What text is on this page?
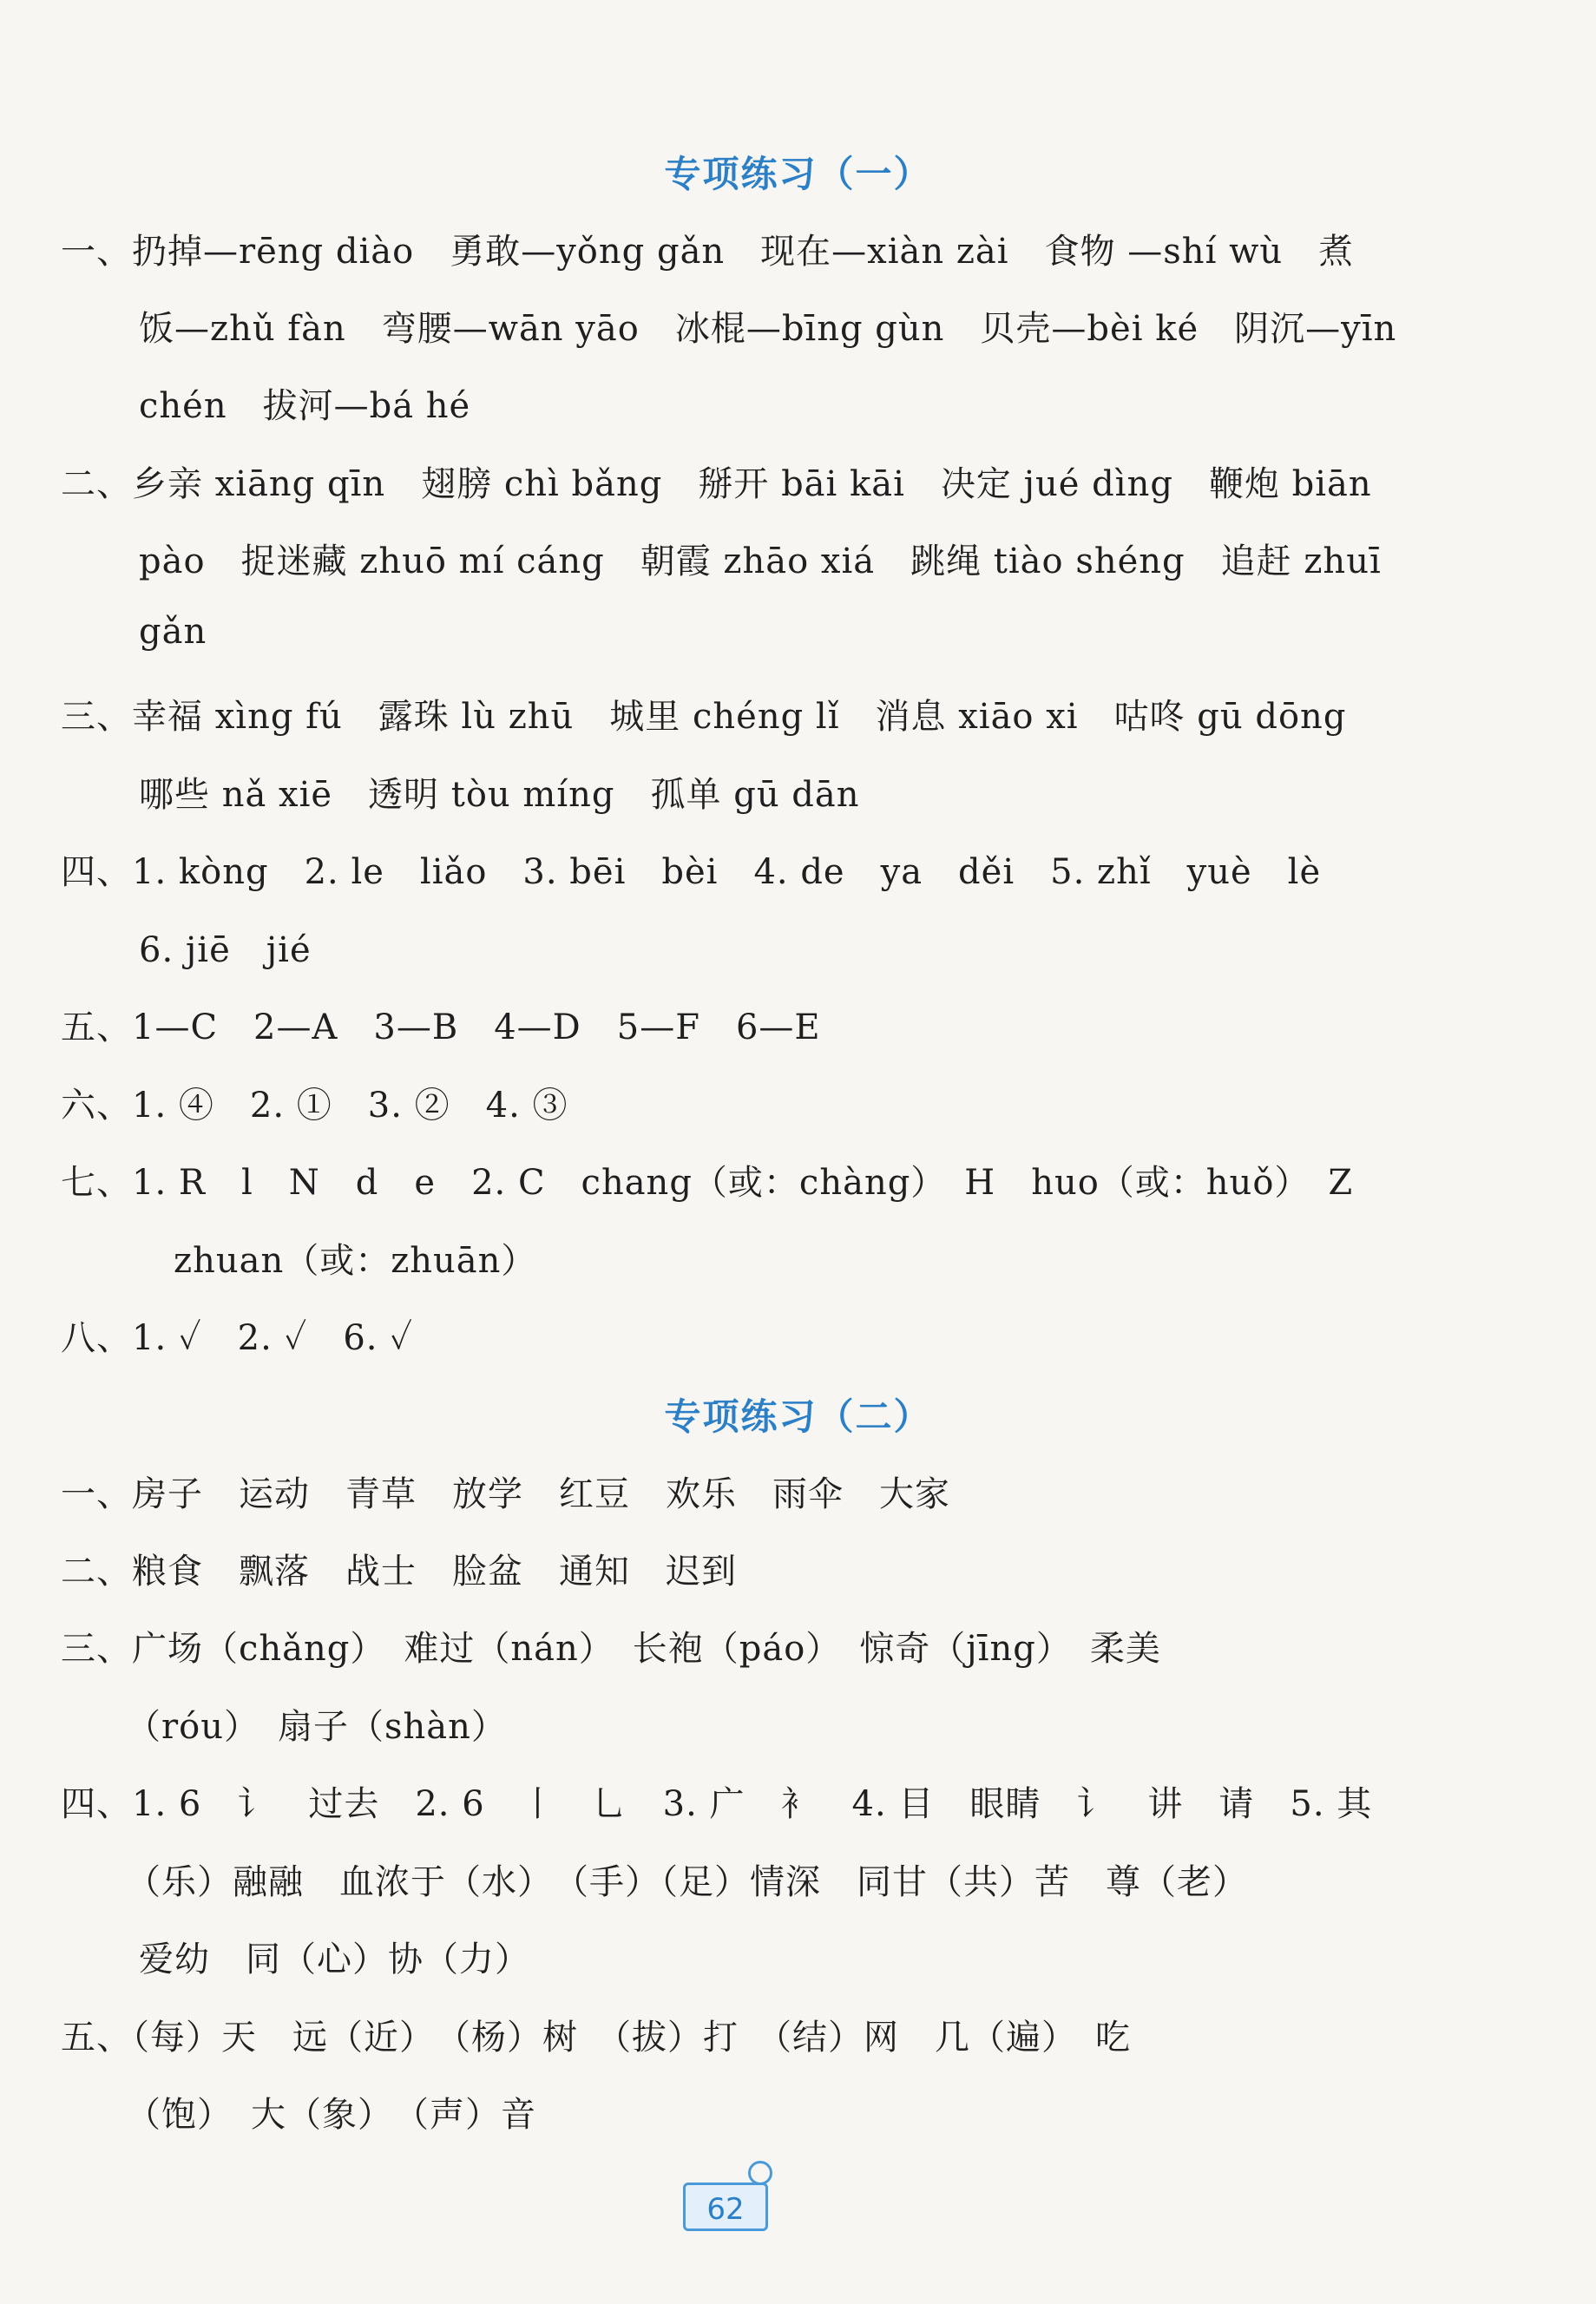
专项练习（一）
一、扔掉—rēng diào　勇敢—yǒng gǎn　现在—xiàn zài　食物 —shí wù　煮
饭—zhǔ fàn　弯腰—wān yāo　冰棍—bīng gùn　贝壳—bèi ké　阴沉—yīn
chén　拔河—bá hé
二、乡亲 xiāng qīn　翅膀 chì bǎng　掰开 bāi kāi　决定 jué dìng　鞭炮 biān
pào　捉迷藏 zhuō mí cáng　朝霞 zhāo xiá　跳绳 tiào shéng　追赶 zhuī
gǎn
三、幸福 xìng fú　露珠 lù zhū　城里 chéng lǐ　消息 xiāo xi　咕咚 gū dōng
哪些 nǎ xiē　透明 tòu míng　孤单 gū dān
四、1. kòng　2. le　liǎo　3. bēi　bèi　4. de　ya　děi　5. zhǐ　yuè　lè
6. jiē　jié
五、1—C　2—A　3—B　4—D　5—F　6—E
六、1. ④　2. ①　3. ②　4. ③
七、1. R　l　N　d　e　2. C　chang（或：chàng）　H　huo（或：huǒ）　Z
zhuan（或：zhuān）
八、1. ✓　2. ✓　6. ✓
专项练习（二）
一、房子　运动　青草　放学　红豆　欢乐　雨伞　大家
二、粮食　飘落　战士　脸盆　通知　迟到
三、广场（chǎng）　难过（nán）　长袍（páo）　惊奇（jīng）　柔美
（róu）　扇子（shàn）
四、1. 6　讠　过去　2. 6　丨　乚　3. 广　衤　4. 目　眼睛　讠　讲　请　5. 其
（乐）融融　血浓于（水）　（手）（足）情深　同甘（共）苦　尊（老）
爱幼　同（心）协（力）
五、（每）天　远（近）　（杨）树　（拔）打　（结）网　几（遍）　吃
（饱）　大（象）　（声）音
62
